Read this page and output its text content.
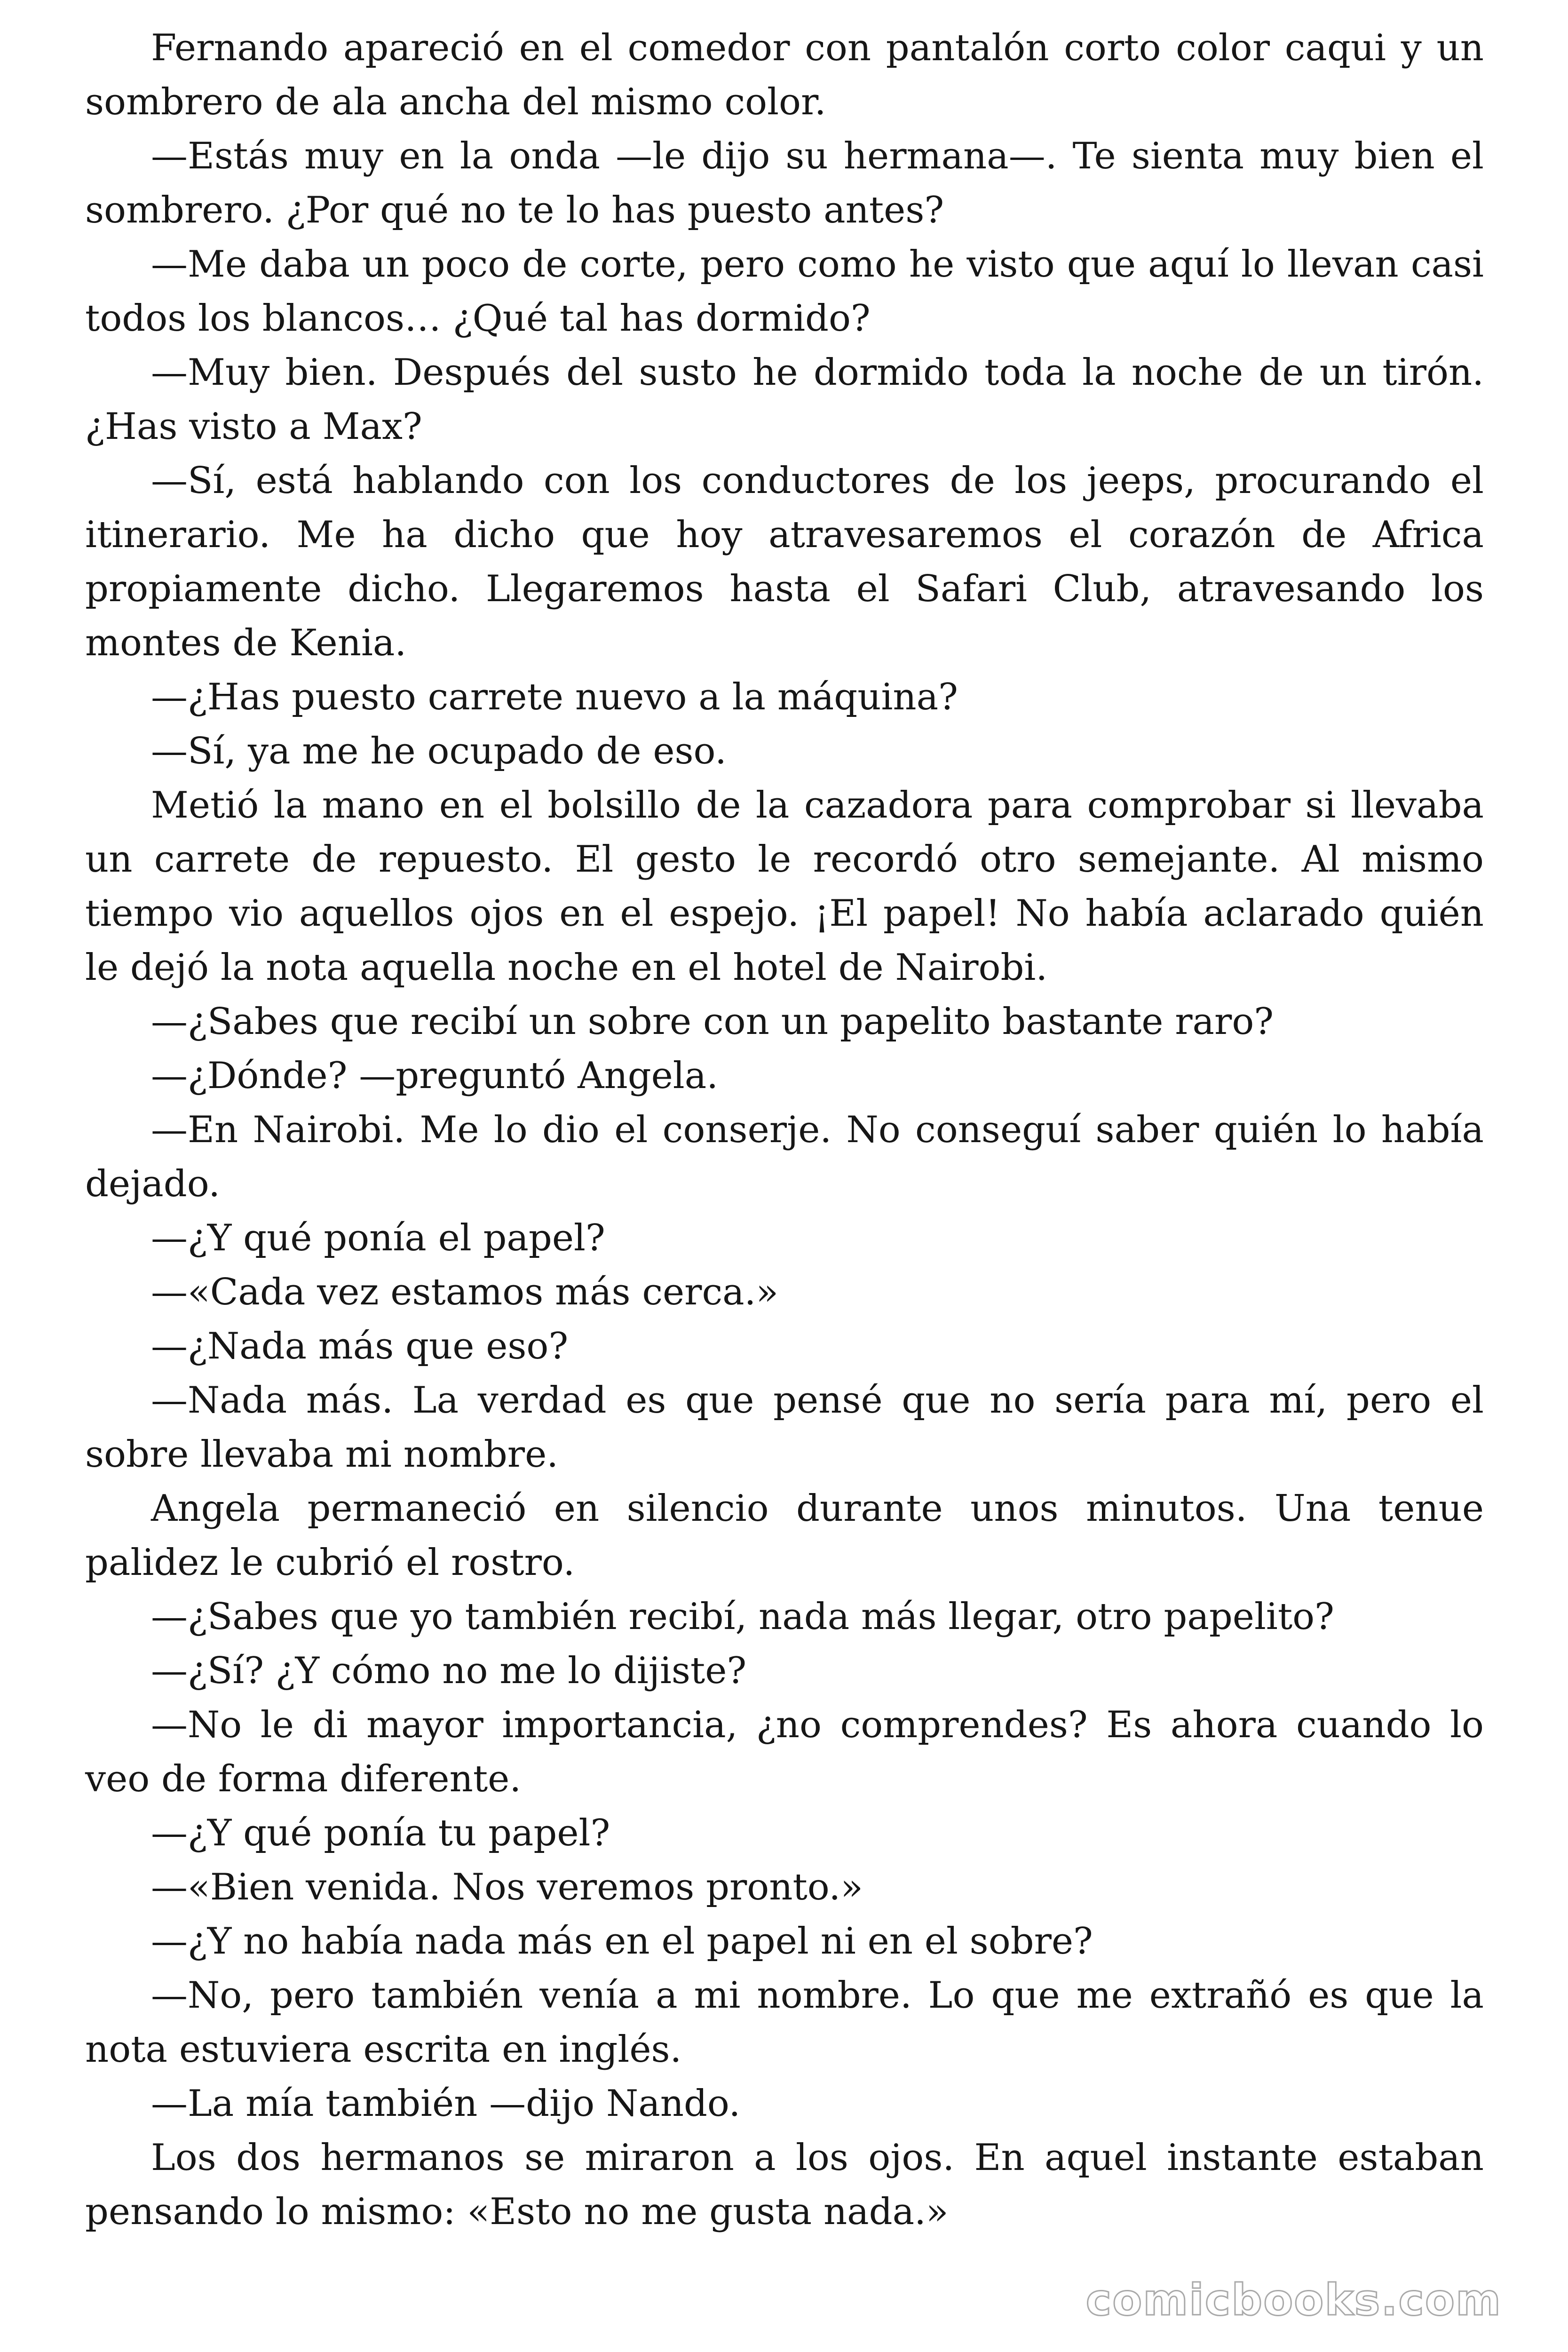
Fernando apareció en el comedor con pantalón corto color caqui y un sombrero de ala ancha del mismo color.

—Estás muy en la onda —le dijo su hermana—. Te sienta muy bien el sombrero. ¿Por qué no te lo has puesto antes?

—Me daba un poco de corte, pero como he visto que aquí lo llevan casi todos los blancos… ¿Qué tal has dormido?

—Muy bien. Después del susto he dormido toda la noche de un tirón. ¿Has visto a Max?

—Sí, está hablando con los conductores de los jeeps, procurando el itinerario. Me ha dicho que hoy atravesaremos el corazón de Africa propiamente dicho. Llegaremos hasta el Safari Club, atravesando los montes de Kenia.

—¿Has puesto carrete nuevo a la máquina?

—Sí, ya me he ocupado de eso.

Metió la mano en el bolsillo de la cazadora para comprobar si llevaba un carrete de repuesto. El gesto le recordó otro semejante. Al mismo tiempo vio aquellos ojos en el espejo. ¡El papel! No había aclarado quién le dejó la nota aquella noche en el hotel de Nairobi.

—¿Sabes que recibí un sobre con un papelito bastante raro?

—¿Dónde? —preguntó Angela.

—En Nairobi. Me lo dio el conserje. No conseguí saber quién lo había dejado.

—¿Y qué ponía el papel?

—«Cada vez estamos más cerca.»

—¿Nada más que eso?

—Nada más. La verdad es que pensé que no sería para mí, pero el sobre llevaba mi nombre.

Angela permaneció en silencio durante unos minutos. Una tenue palidez le cubrió el rostro.

—¿Sabes que yo también recibí, nada más llegar, otro papelito?

—¿Sí? ¿Y cómo no me lo dijiste?

—No le di mayor importancia, ¿no comprendes? Es ahora cuando lo veo de forma diferente.

—¿Y qué ponía tu papel?

—«Bien venida. Nos veremos pronto.»

—¿Y no había nada más en el papel ni en el sobre?

—No, pero también venía a mi nombre. Lo que me extrañó es que la nota estuviera escrita en inglés.

—La mía también —dijo Nando.

Los dos hermanos se miraron a los ojos. En aquel instante estaban pensando lo mismo: «Esto no me gusta nada.»

comicbooks.com
